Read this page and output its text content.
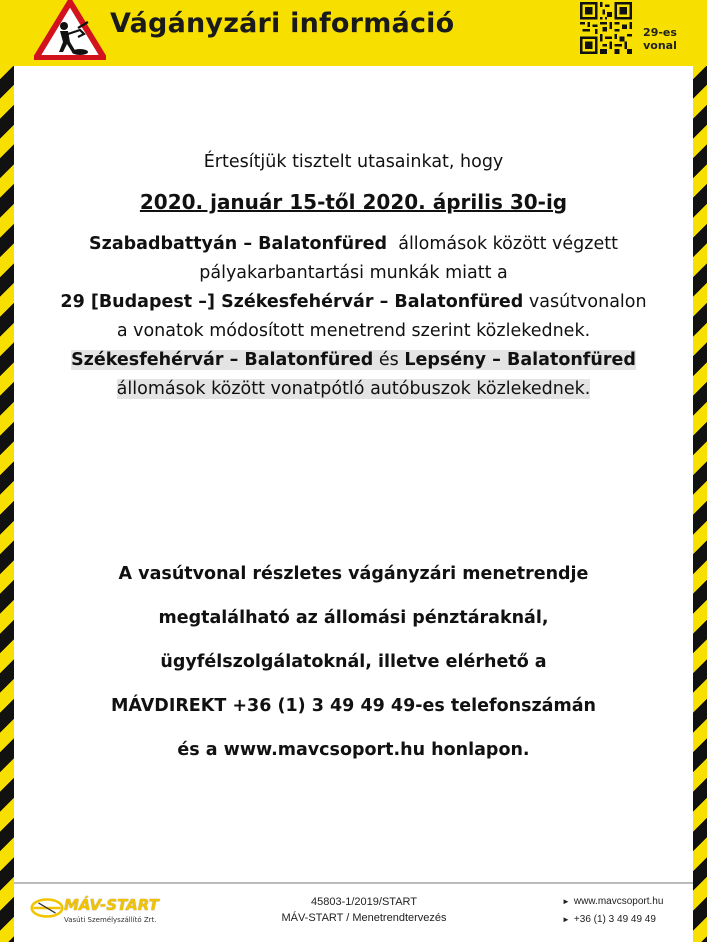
Vágányzári információ	29-es vonal
Értesítjük tisztelt utasainkat, hogy
2020. január 15-től 2020. április 30-ig
Szabadbattyán – Balatonfüred állomások között végzett
pályakarbantartási munkák miatt a
29 [Budapest –] Székesfehérvár – Balatonfüred vasútvonalon
a vonatok módosított menetrend szerint közlekednek.
Székesfehérvár – Balatonfüred és Lepsény – Balatonfüred
állomások között vonatpótló autóbuszok közlekednek.
A vasútvonal részletes vágányzári menetrendje
megtalálható az állomási pénztáraknál,
ügyfélszolgálatoknál, illetve elérhető a
MÁVDIREKT +36 (1) 3 49 49 49-es telefonszámán
és a www.mavcsoport.hu honlapon.
MÁV-START
Vasúti Személyszállító Zrt.
45803-1/2019/START
MÁV-START / Menetrendtervezés
► www.mavcsoport.hu
► +36 (1) 3 49 49 49
